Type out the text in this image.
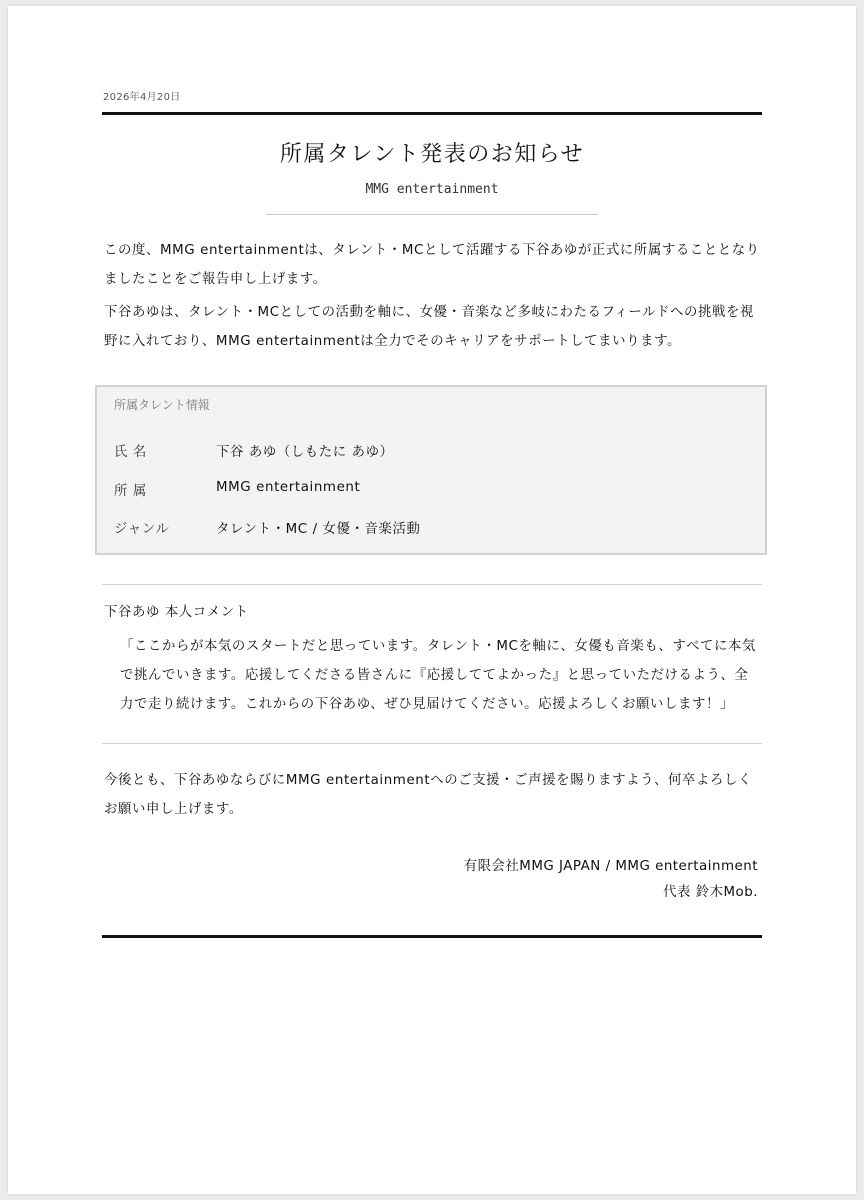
2026年4月20日
所属タレント発表のお知らせ
MMG entertainment

この度、MMG entertainmentは、タレント・MCとして活躍する下谷あゆが正式に所属することとなりましたことをご報告申し上げます。

下谷あゆは、タレント・MCとしての活動を軸に、女優・音楽など多岐にわたるフィールドへの挑戦を視野に入れており、MMG entertainmentは全力でそのキャリアをサポートしてまいります。

所属タレント情報
氏 名	下谷 あゆ（しもたに あゆ）
所 属	MMG entertainment
ジャンル	タレント・MC / 女優・音楽活動
下谷あゆ 本人コメント

「ここからが本気のスタートだと思っています。タレント・MCを軸に、女優も音楽も、すべてに本気で挑んでいきます。応援してくださる皆さんに『応援しててよかった』と思っていただけるよう、全力で走り続けます。これからの下谷あゆ、ぜひ見届けてください。応援よろしくお願いします！」

今後とも、下谷あゆならびにMMG entertainmentへのご支援・ご声援を賜りますよう、何卒よろしくお願い申し上げます。

有限会社MMG JAPAN / MMG entertainment
代表 鈴木Mob.
